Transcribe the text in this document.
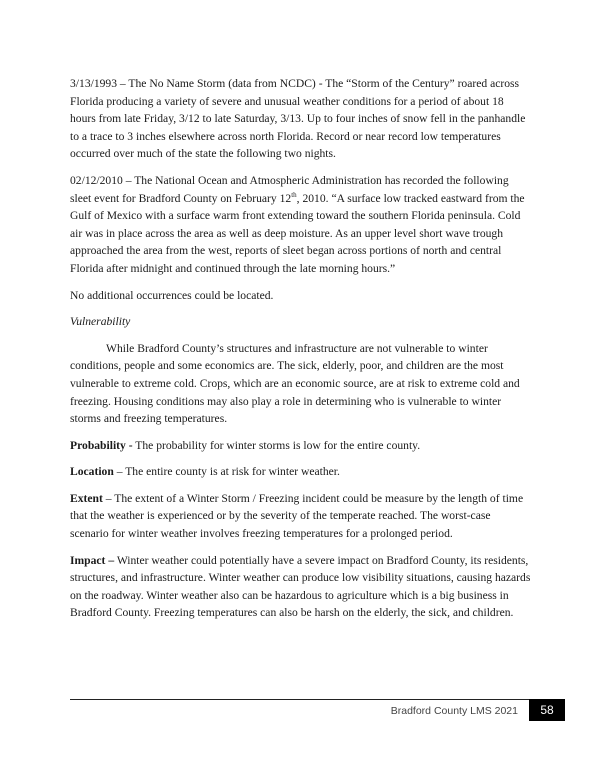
3/13/1993 – The No Name Storm (data from NCDC) - The “Storm of the Century” roared across Florida producing a variety of severe and unusual weather conditions for a period of about 18 hours from late Friday, 3/12 to late Saturday, 3/13. Up to four inches of snow fell in the panhandle to a trace to 3 inches elsewhere across north Florida. Record or near record low temperatures occurred over much of the state the following two nights.

02/12/2010 – The National Ocean and Atmospheric Administration has recorded the following sleet event for Bradford County on February 12th, 2010. “A surface low tracked eastward from the Gulf of Mexico with a surface warm front extending toward the southern Florida peninsula. Cold air was in place across the area as well as deep moisture. As an upper level short wave trough approached the area from the west, reports of sleet began across portions of north and central Florida after midnight and continued through the late morning hours.”

No additional occurrences could be located.

Vulnerability

While Bradford County’s structures and infrastructure are not vulnerable to winter conditions, people and some economics are. The sick, elderly, poor, and children are the most vulnerable to extreme cold. Crops, which are an economic source, are at risk to extreme cold and freezing. Housing conditions may also play a role in determining who is vulnerable to winter storms and freezing temperatures.

Probability - The probability for winter storms is low for the entire county.

Location – The entire county is at risk for winter weather.

Extent – The extent of a Winter Storm / Freezing incident could be measure by the length of time that the weather is experienced or by the severity of the temperate reached. The worst-case scenario for winter weather involves freezing temperatures for a prolonged period.

Impact – Winter weather could potentially have a severe impact on Bradford County, its residents, structures, and infrastructure. Winter weather can produce low visibility situations, causing hazards on the roadway. Winter weather also can be hazardous to agriculture which is a big business in Bradford County. Freezing temperatures can also be harsh on the elderly, the sick, and children.

Bradford County LMS 2021	58
